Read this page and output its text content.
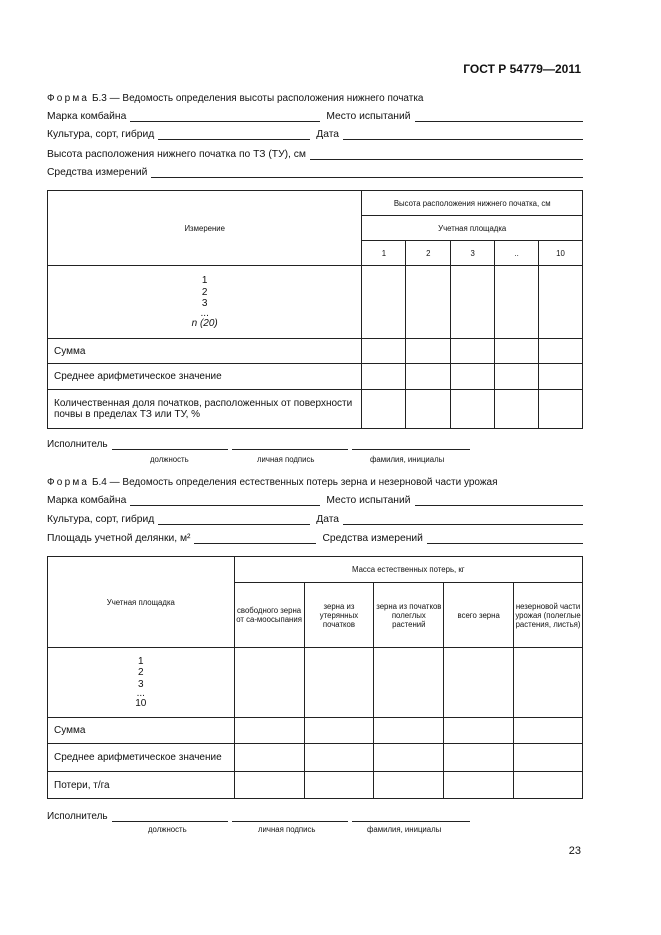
ГОСТ Р 54779—2011
Форма Б.3 — Ведомость определения высоты расположения нижнего початка
Марка комбайна	Место испытаний
Культура, сорт, гибрид	Дата
Высота расположения нижнего початка по ТЗ (ТУ), см
Средства измерений
Измерение	Высота расположения нижнего початка, см				
	Учетная площадка				
	1	2	3	..	10

1
2
3
...
n (20)					

Сумма					
Среднее арифметическое значение					
Количественная доля початков, расположенных от поверхности почвы в пределах ТЗ или ТУ, %					
Исполнитель
должность	личная подпись	фамилия, инициалы
Форма Б.4 — Ведомость определения естественных потерь зерна и незерновой части урожая
Марка комбайна	Место испытаний
Культура, сорт, гибрид	Дата
Площадь учетной делянки, м²	Средства измерений
Учетная площадка	Масса естественных потерь, кг				
	свободного зерна от са-моосыпания	зерна из утерянных початков	зерна из початков полеглых растений	всего зерна	незерновой части урожая (полеглые растения, листья)

1
2
3
...
10					

Сумма					
Среднее арифметическое значение					
Потери, т/га					
Исполнитель
должность	личная подпись	фамилия, инициалы
23
